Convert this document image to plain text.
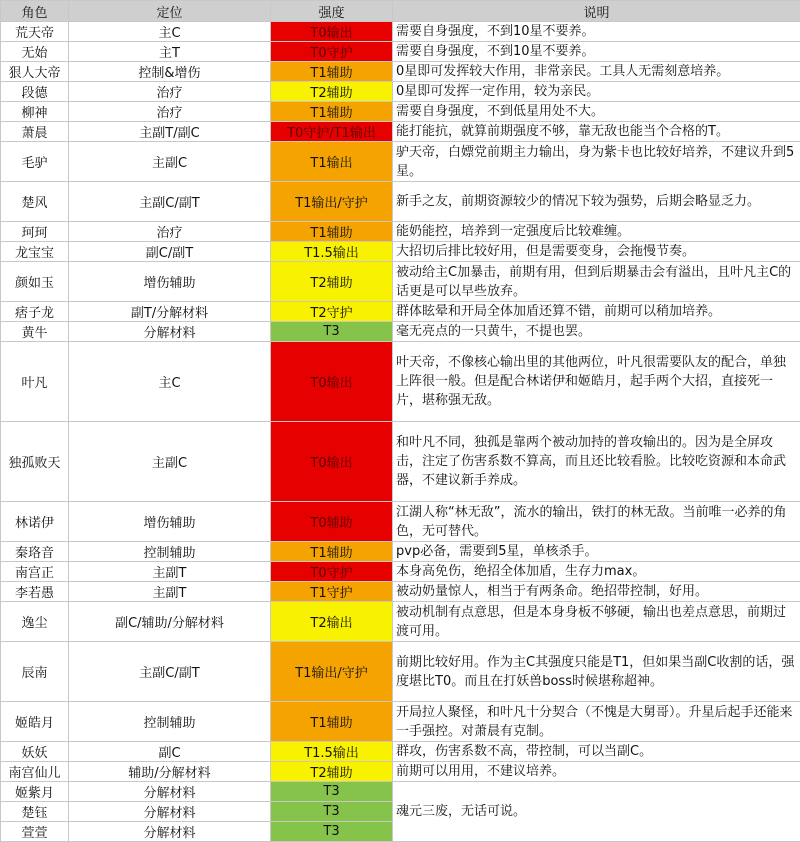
角色	定位	强度	说明
荒天帝	主C	T0输出	需要自身强度，不到10星不要养。
无始	主T	T0守护	需要自身强度，不到10星不要养。
狠人大帝	控制&增伤	T1辅助	0星即可发挥较大作用，非常亲民。工具人无需刻意培养。
段德	治疗	T2辅助	0星即可发挥一定作用，较为亲民。
柳神	治疗	T1辅助	需要自身强度，不到低星用处不大。
萧晨	主副T/副C	T0守护/T1输出	能打能抗，就算前期强度不够，靠无敌也能当个合格的T。
毛驴	主副C	T1输出	驴天帝，白嫖党前期主力输出，身为紫卡也比较好培养，不建议升到5星。
楚风	主副C/副T	T1输出/守护	新手之友，前期资源较少的情况下较为强势，后期会略显乏力。
珂珂	治疗	T1辅助	能奶能控，培养到一定强度后比较难缠。
龙宝宝	副C/副T	T1.5输出	大招切后排比较好用，但是需要变身，会拖慢节奏。
颜如玉	增伤辅助	T2辅助	被动给主C加暴击，前期有用，但到后期暴击会有溢出，且叶凡主C的话更是可以早些放弃。
痞子龙	副T/分解材料	T2守护	群体眩晕和开局全体加盾还算不错，前期可以稍加培养。
黄牛	分解材料	T3	毫无亮点的一只黄牛，不提也罢。
叶凡	主C	T0输出	叶天帝，不像核心输出里的其他两位，叶凡很需要队友的配合，单独上阵很一般。但是配合林诺伊和姬皓月，起手两个大招，直接死一片，堪称强无敌。
独孤败天	主副C	T0输出	和叶凡不同，独孤是靠两个被动加持的普攻输出的。因为是全屏攻击，注定了伤害系数不算高，而且还比较看脸。比较吃资源和本命武器，不建议新手养成。
林诺伊	增伤辅助	T0辅助	江湖人称“林无敌”，流水的输出，铁打的林无敌。当前唯一必养的角色，无可替代。
秦珞音	控制辅助	T1辅助	pvp必备，需要到5星，单核杀手。
南宫正	主副T	T0守护	本身高免伤，绝招全体加盾，生存力max。
李若愚	主副T	T1守护	被动奶量惊人，相当于有两条命。绝招带控制，好用。
逸尘	副C/辅助/分解材料	T2输出	被动机制有点意思，但是本身身板不够硬，输出也差点意思，前期过渡可用。
辰南	主副C/副T	T1输出/守护	前期比较好用。作为主C其强度只能是T1，但如果当副C收割的话，强度堪比T0。而且在打妖兽boss时候堪称超神。
姬皓月	控制辅助	T1辅助	开局拉人聚怪，和叶凡十分契合（不愧是大舅哥）。升星后起手还能来一手强控。对萧晨有克制。
妖妖	副C	T1.5输出	群攻，伤害系数不高，带控制，可以当副C。
南宫仙儿	辅助/分解材料	T2辅助	前期可以用用，不建议培养。
姬紫月	分解材料	T3	魂元三废，无话可说。
楚钰	分解材料	T3	
萱萱	分解材料	T3	
